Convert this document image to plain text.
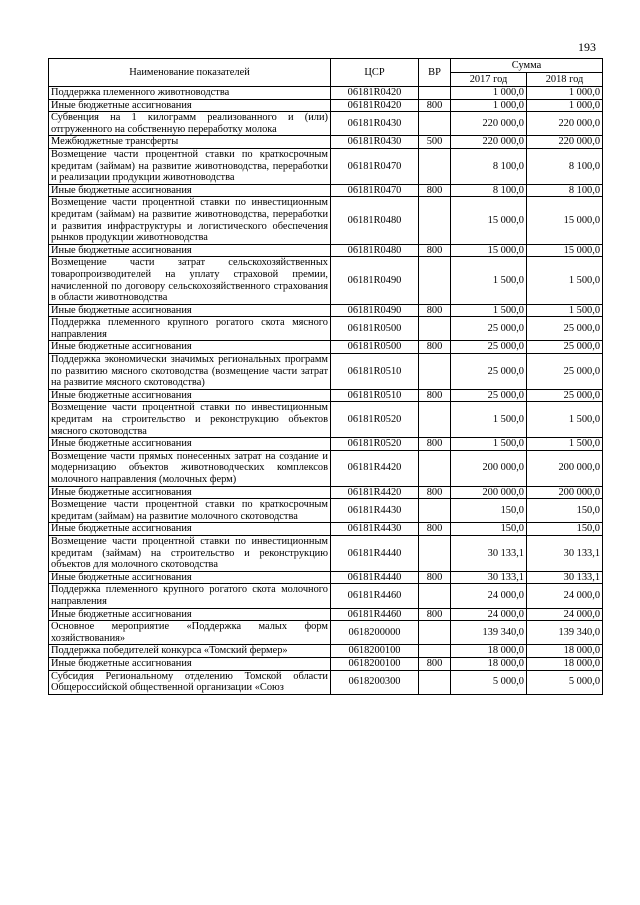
193
Наименование показателей	ЦСР	ВР	Сумма	
			2017 год	2018 год
Поддержка племенного животноводства	06181R0420		1 000,0	1 000,0
Иные бюджетные ассигнования	06181R0420	800	1 000,0	1 000,0
Субвенция на 1 килограмм реализованного и (или) отгруженного на собственную переработку молока	06181R0430		220 000,0	220 000,0
Межбюджетные трансферты	06181R0430	500	220 000,0	220 000,0
Возмещение части процентной ставки по краткосрочным кредитам (займам) на развитие животноводства, переработки и реализации продукции животноводства	06181R0470		8 100,0	8 100,0
Иные бюджетные ассигнования	06181R0470	800	8 100,0	8 100,0
Возмещение части процентной ставки по инвестиционным кредитам (займам) на развитие животноводства, переработки и развития инфраструктуры и логистического обеспечения рынков продукции животноводства	06181R0480		15 000,0	15 000,0
Иные бюджетные ассигнования	06181R0480	800	15 000,0	15 000,0
Возмещение части затрат сельскохозяйственных товаропроизводителей на уплату страховой премии, начисленной по договору сельскохозяйственного страхования в области животноводства	06181R0490		1 500,0	1 500,0
Иные бюджетные ассигнования	06181R0490	800	1 500,0	1 500,0
Поддержка племенного крупного рогатого скота мясного направления	06181R0500		25 000,0	25 000,0
Иные бюджетные ассигнования	06181R0500	800	25 000,0	25 000,0
Поддержка экономически значимых региональных программ по развитию мясного скотоводства (возмещение части затрат на развитие мясного скотоводства)	06181R0510		25 000,0	25 000,0
Иные бюджетные ассигнования	06181R0510	800	25 000,0	25 000,0
Возмещение части процентной ставки по инвестиционным кредитам на строительство и реконструкцию объектов мясного скотоводства	06181R0520		1 500,0	1 500,0
Иные бюджетные ассигнования	06181R0520	800	1 500,0	1 500,0
Возмещение части прямых понесенных затрат на создание и модернизацию объектов животноводческих комплексов молочного направления (молочных ферм)	06181R4420		200 000,0	200 000,0
Иные бюджетные ассигнования	06181R4420	800	200 000,0	200 000,0
Возмещение части процентной ставки по краткосрочным кредитам (займам) на развитие молочного скотоводства	06181R4430		150,0	150,0
Иные бюджетные ассигнования	06181R4430	800	150,0	150,0
Возмещение части процентной ставки по инвестиционным кредитам (займам) на строительство и реконструкцию объектов для молочного скотоводства	06181R4440		30 133,1	30 133,1
Иные бюджетные ассигнования	06181R4440	800	30 133,1	30 133,1
Поддержка племенного крупного рогатого скота молочного направления	06181R4460		24 000,0	24 000,0
Иные бюджетные ассигнования	06181R4460	800	24 000,0	24 000,0
Основное мероприятие «Поддержка малых форм хозяйствования»	0618200000		139 340,0	139 340,0
Поддержка победителей конкурса «Томский фермер»	0618200100		18 000,0	18 000,0
Иные бюджетные ассигнования	0618200100	800	18 000,0	18 000,0
Субсидия Региональному отделению Томской области Общероссийской общественной организации «Союз	0618200300		5 000,0	5 000,0
